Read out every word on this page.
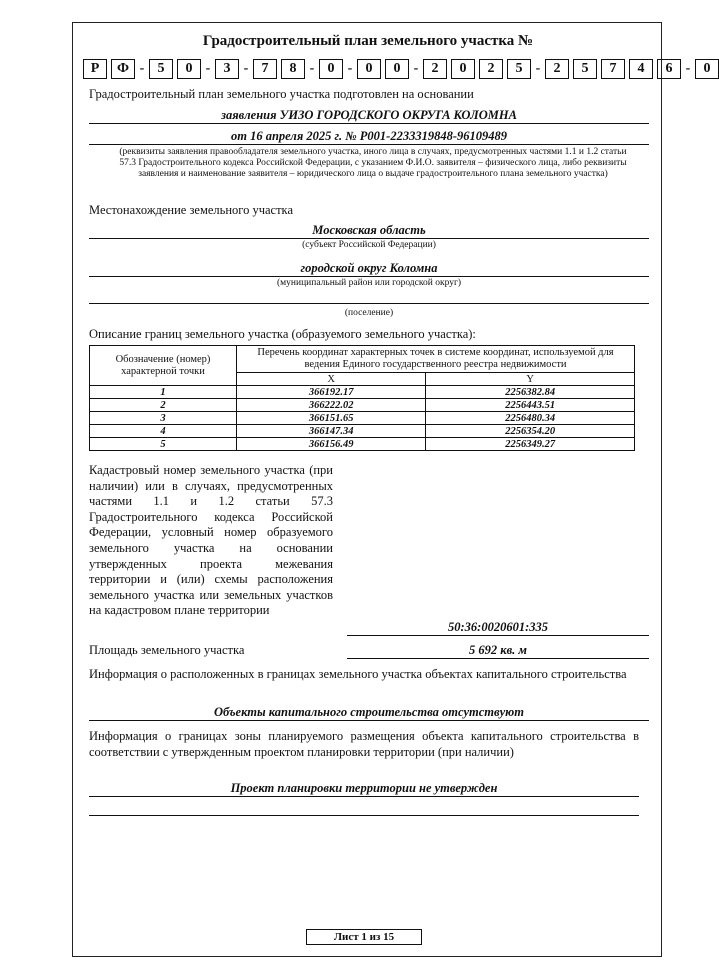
Градостроительный план земельного участка №
Р	Ф - 5	0 - 3 - 7	8 - 0 - 0	0 - 2	0	2	5 - 2	5	7	4	6 - 0
Градостроительный план земельного участка подготовлен на основании
заявления УИЗО ГОРОДСКОГО ОКРУГА КОЛОМНА
от 16 апреля 2025 г. № Р001-2233319848-96109489
(реквизиты заявления правообладателя земельного участка, иного лица в случаях, предусмотренных частями 1.1 и 1.2 статьи 57.3 Градостроительного кодекса Российской Федерации, с указанием Ф.И.О. заявителя – физического лица, либо реквизиты заявления и наименование заявителя – юридического лица о выдаче градостроительного плана земельного участка)
Местонахождение земельного участка
Московская область
(субъект Российской Федерации)
городской округ Коломна
(муниципальный район или городской округ)
(поселение)
Описание границ земельного участка (образуемого земельного участка):
Обозначение (номер) характерной точки	Перечень координат характерных точек в системе координат, используемой для ведения Единого государственного реестра недвижимости	
	X	Y
1	366192.17	2256382.84
2	366222.02	2256443.51
3	366151.65	2256480.34
4	366147.34	2256354.20
5	366156.49	2256349.27
Кадастровый номер земельного участка (при наличии) или в случаях, предусмотренных частями 1.1 и 1.2 статьи 57.3 Градостроительного кодекса Российской Федерации, условный номер образуемого земельного участка на основании утвержденных проекта межевания территории и (или) схемы расположения земельного участка или земельных участков на кадастровом плане территории
50:36:0020601:335
Площадь земельного участка	5 692 кв. м
Информация о расположенных в границах земельного участка объектах капитального строительства
Объекты капитального строительства отсутствуют
Информация о границах зоны планируемого размещения объекта капитального строительства в соответствии с утвержденным проектом планировки территории (при наличии)
Проект планировки территории не утвержден
Лист 1 из 15
